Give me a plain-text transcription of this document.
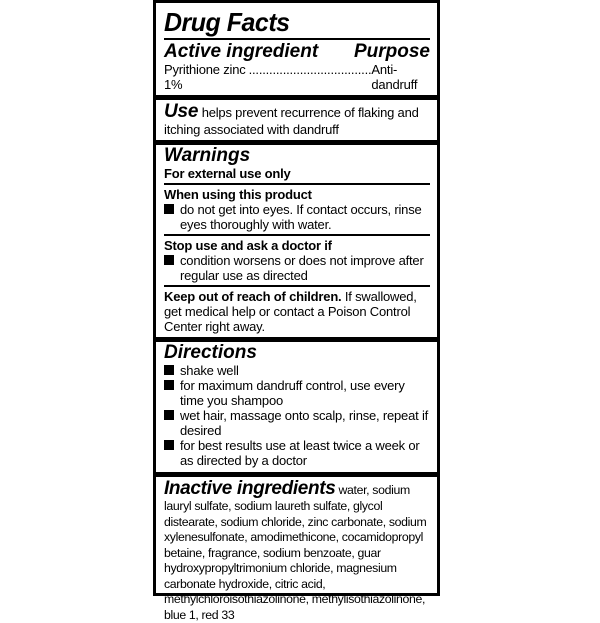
Drug Facts
Active ingredient Purpose
Pyrithione zinc 1%
.................................... Anti-dandruff
Use helps prevent recurrence of flaking and itching associated with dandruff
Warnings
For external use only
When using this product
do not get into eyes. If contact occurs, rinse eyes thoroughly with water.
Stop use and ask a doctor if
condition worsens or does not improve after regular use as directed
Keep out of reach of children. If swallowed, get medical help or contact a Poison Control Center right away.
Directions
shake well
for maximum dandruff control, use every time you shampoo
wet hair, massage onto scalp, rinse, repeat if desired
for best results use at least twice a week or as directed by a doctor
Inactive ingredients water, sodium lauryl sulfate, sodium laureth sulfate, glycol distearate, sodium chloride, zinc carbonate, sodium xylenesulfonate, amodimethicone, cocamidopropyl betaine, fragrance, sodium benzoate, guar hydroxypropyltrimonium chloride, magnesium carbonate hydroxide, citric acid, methylchloroisothiazolinone, methylisothiazolinone, blue 1, red 33
